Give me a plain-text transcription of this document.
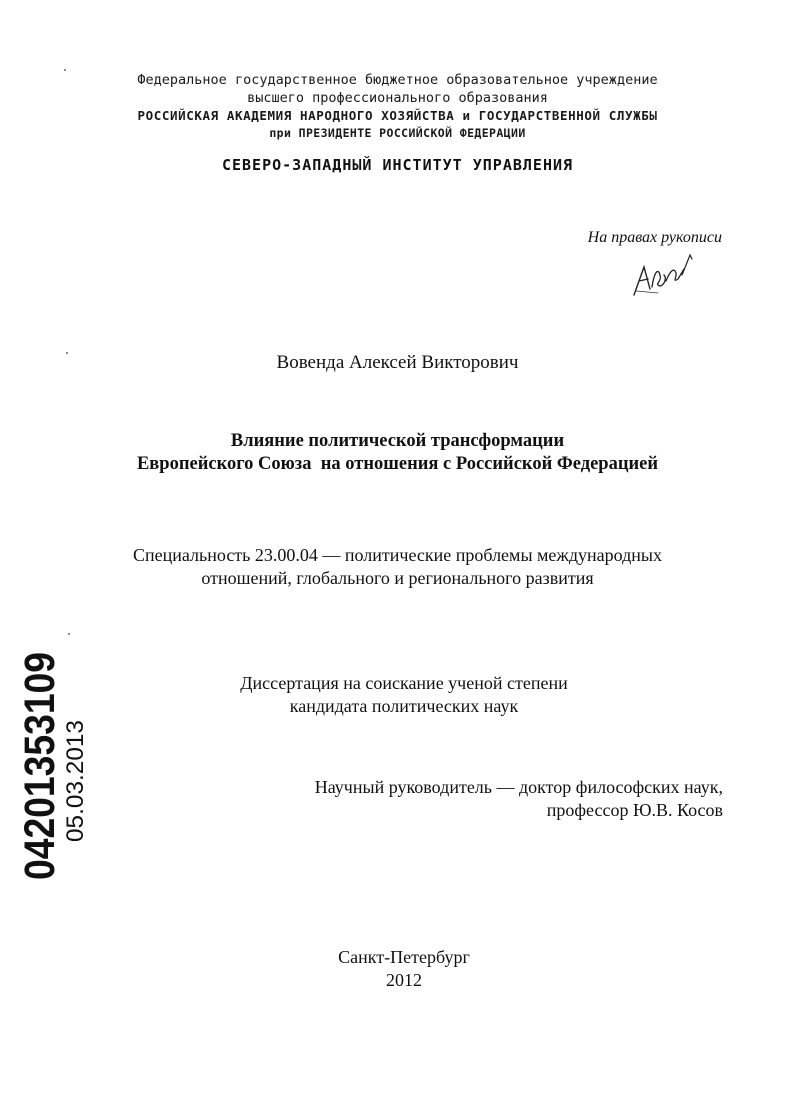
Федеральное государственное бюджетное образовательное учреждение
высшего профессионального образования
РОССИЙСКАЯ АКАДЕМИЯ НАРОДНОГО ХОЗЯЙСТВА и ГОСУДАРСТВЕННОЙ СЛУЖБЫ
при ПРЕЗИДЕНТЕ РОССИЙСКОЙ ФЕДЕРАЦИИ
СЕВЕРО-ЗАПАДНЫЙ ИНСТИТУТ УПРАВЛЕНИЯ
На правах рукописи
Вовенда Алексей Викторович
Влияние политической трансформации
Европейского Союза  на отношения с Российской Федерацией
Специальность 23.00.04 — политические проблемы международных
отношений, глобального и регионального развития
Диссертация на соискание ученой степени
кандидата политических наук
Научный руководитель — доктор философских наук,
профессор Ю.В. Косов
Санкт-Петербург
2012
04201353109
05.03.2013
